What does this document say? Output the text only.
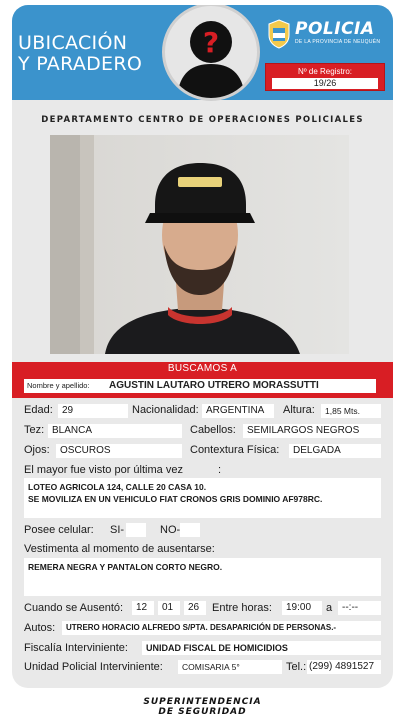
UBICACIÓN
Y PARADERO
?	POLICIA
DE LA PROVINCIA DE NEUQUÉN
Nº de Registro:
19/26
DEPARTAMENTO CENTRO DE OPERACIONES POLICIALES
BUSCAMOS A
Nombre y apellido:	AGUSTIN LAUTARO UTRERO MORASSUTTI
Edad: 29	Nacionalidad: ARGENTINA	Altura:	1,85 Mts.
Tez: BLANCA	Cabellos:	SEMILARGOS NEGROS
Ojos:	OSCUROS	Contextura Física:	DELGADA
El mayor fue visto por última vez	:
LOTEO AGRICOLA 124, CALLE 20 CASA 10.
SE MOVILIZA EN UN VEHICULO FIAT CRONOS GRIS DOMINIO AF978RC.
Posee celular: SI-	NO-
Vestimenta al momento de ausentarse:
REMERA NEGRA Y PANTALON CORTO NEGRO.
Cuando se Ausentó:	12	01	26	Entre horas:	19:00	a --:--
Autos:	UTRERO HORACIO ALFREDO S/PTA. DESAPARICIÓN DE PERSONAS.-
Fiscalía Interviniente:	UNIDAD FISCAL DE HOMICIDIOS
Unidad Policial Interviniente:	COMISARIA 5°	Tel.: (299) 4891527
SUPERINTENDENCIA
DE SEGURIDAD
